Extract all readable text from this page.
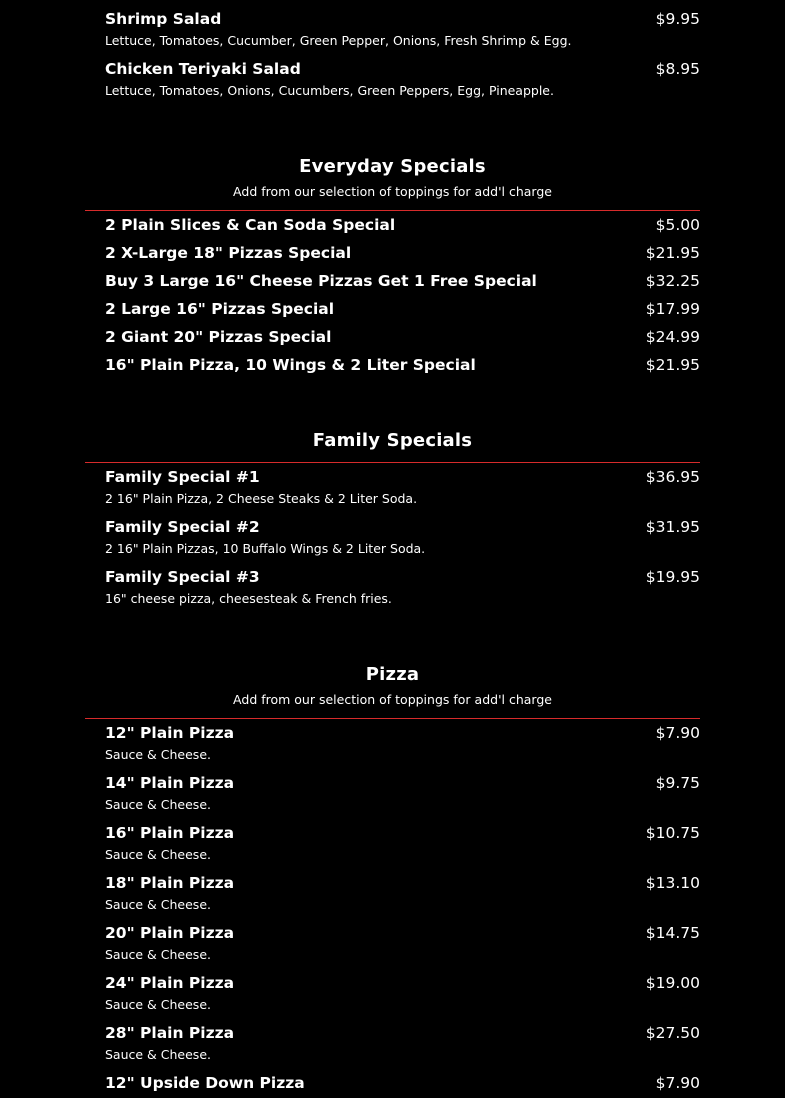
Shrimp Salad	$9.95
Lettuce, Tomatoes, Cucumber, Green Pepper, Onions, Fresh Shrimp & Egg.
Chicken Teriyaki Salad	$8.95
Lettuce, Tomatoes, Onions, Cucumbers, Green Peppers, Egg, Pineapple.
Everyday Specials
Add from our selection of toppings for add'l charge
2 Plain Slices & Can Soda Special	$5.00
2 X-Large 18" Pizzas Special	$21.95
Buy 3 Large 16" Cheese Pizzas Get 1 Free Special	$32.25
2 Large 16" Pizzas Special	$17.99
2 Giant 20" Pizzas Special	$24.99
16" Plain Pizza, 10 Wings & 2 Liter Special	$21.95
Family Specials
Family Special #1	$36.95
2 16" Plain Pizza, 2 Cheese Steaks & 2 Liter Soda.
Family Special #2	$31.95
2 16" Plain Pizzas, 10 Buffalo Wings & 2 Liter Soda.
Family Special #3	$19.95
16" cheese pizza, cheesesteak & French fries.
Pizza
Add from our selection of toppings for add'l charge
12" Plain Pizza	$7.90
Sauce & Cheese.
14" Plain Pizza	$9.75
Sauce & Cheese.
16" Plain Pizza	$10.75
Sauce & Cheese.
18" Plain Pizza	$13.10
Sauce & Cheese.
20" Plain Pizza	$14.75
Sauce & Cheese.
24" Plain Pizza	$19.00
Sauce & Cheese.
28" Plain Pizza	$27.50
Sauce & Cheese.
12" Upside Down Pizza	$7.90
